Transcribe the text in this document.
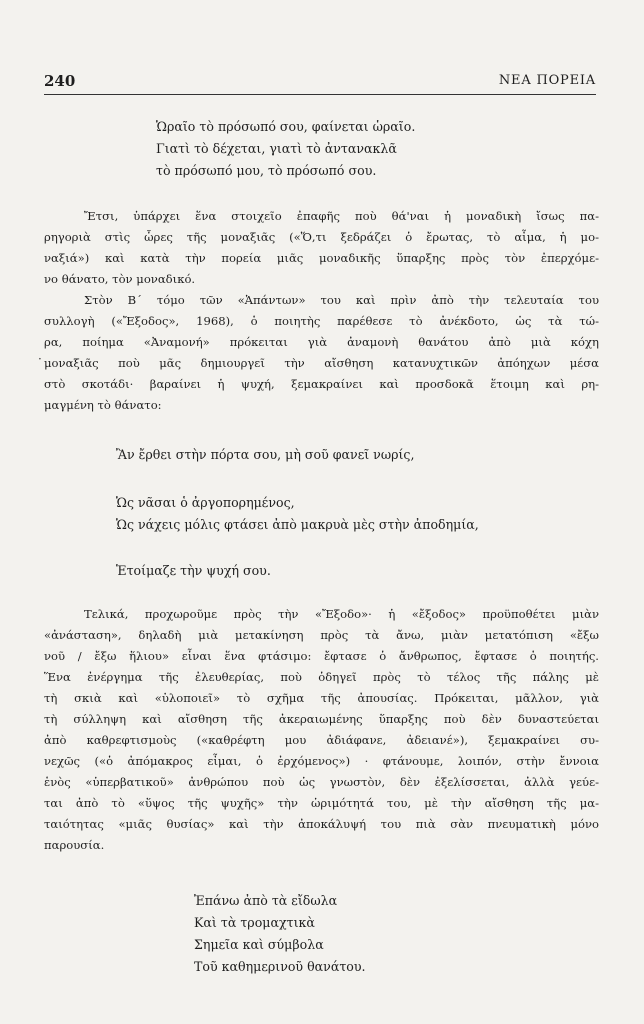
240	ΝΕΑ ΠΟΡΕΙΑ
Ὡραῖο τὸ πρόσωπό σου, φαίνεται ὡραῖο.
Γιατὶ τὸ δέχεται, γιατὶ τὸ ἀντανακλᾶ
τὸ πρόσωπό μου, τὸ πρόσωπό σου.
Ἔτσι, ὑπάρχει ἕνα στοιχεῖο ἐπαφῆς ποὺ θά'ναι ἡ μοναδικὴ ἴσως πα-
ρηγοριὰ στὶς ὧρες τῆς μοναξιᾶς («Ὅ,τι ξεδράζει ὁ ἔρωτας, τὸ αἷμα, ἡ μο-
ναξιά») καὶ κατὰ τὴν πορεία μιᾶς μοναδικῆς ὕπαρξης πρὸς τὸν ἐπερχόμε-
νο θάνατο, τὸν μοναδικό.
Στὸν Β΄ τόμο τῶν «Ἁπάντων» του καὶ πρὶν ἀπὸ τὴν τελευταία του
συλλογὴ («Ἔξοδος», 1968), ὁ ποιητὴς παρέθεσε τὸ ἀνέκδοτο, ὡς τὰ τώ-
ρα, ποίημα «Ἀναμονή» πρόκειται γιὰ ἀναμονὴ θανάτου ἀπὸ μιὰ κόχη
μοναξιᾶς ποὺ μᾶς δημιουργεῖ τὴν αἴσθηση κατανυχτικῶν ἀπόηχων μέσα
στὸ σκοτάδι· βαραίνει ἡ ψυχή, ξεμακραίνει καὶ προσδοκᾶ ἕτοιμη καὶ ρη-
μαγμένη τὸ θάνατο:
·
Ἂν ἔρθει στὴν πόρτα σου, μὴ σοῦ φανεῖ νωρίς,
Ὡς νᾶσαι ὁ ἀργοπορημένος,
Ὡς νάχεις μόλις φτάσει ἀπὸ μακρυὰ μὲς στὴν ἀποδημία,
Ἑτοίμαζε τὴν ψυχή σου.
Τελικά, προχωροῦμε πρὸς τὴν «Ἔξοδο»· ἡ «ἔξοδος» προϋποθέτει μιὰν
«ἀνάσταση», δηλαδὴ μιὰ μετακίνηση πρὸς τὰ ἄνω, μιὰν μετατόπιση «ἔξω
νοῦ / ἔξω ἥλιου» εἶναι ἕνα φτάσιμο: ἔφτασε ὁ ἄνθρωπος, ἔφτασε ὁ ποιητής.
Ἕνα ἐνέργημα τῆς ἐλευθερίας, ποὺ ὁδηγεῖ πρὸς τὸ τέλος τῆς πάλης μὲ
τὴ σκιὰ καὶ «ὑλοποιεῖ» τὸ σχῆμα τῆς ἀπουσίας. Πρόκειται, μᾶλλον, γιὰ
τὴ σύλληψη καὶ αἴσθηση τῆς ἀκεραιωμένης ὕπαρξης ποὺ δὲν δυναστεύεται
ἀπὸ καθρεφτισμοὺς («καθρέφτη μου ἀδιάφανε, ἀδειανέ»), ξεμακραίνει συ-
νεχῶς («ὁ ἀπόμακρος εἶμαι, ὁ ἐρχόμενος») · φτάνουμε, λοιπόν, στὴν ἔννοια
ἑνὸς «ὑπερβατικοῦ» ἀνθρώπου ποὺ ὡς γνωστὸν, δὲν ἐξελίσσεται, ἀλλὰ γεύε-
ται ἀπὸ τὸ «ὕψος τῆς ψυχῆς» τὴν ὡριμότητά του, μὲ τὴν αἴσθηση τῆς μα-
ταιότητας «μιᾶς θυσίας» καὶ τὴν ἀποκάλυψή του πιὰ σὰν πνευματικὴ μόνο
παρουσία.
Ἐπάνω ἀπὸ τὰ εἴδωλα
Καὶ τὰ τρομαχτικὰ
Σημεῖα καὶ σύμβολα
Τοῦ καθημερινοῦ θανάτου.
